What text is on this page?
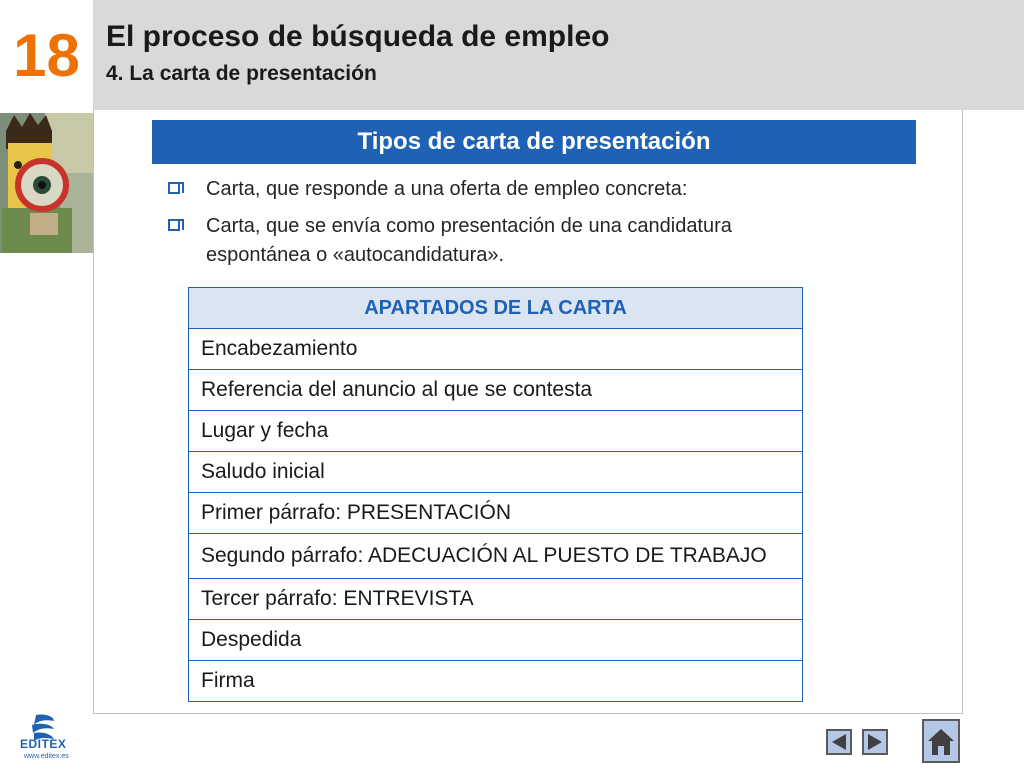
18 El proceso de búsqueda de empleo
4. La carta de presentación
Tipos de carta de presentación
Carta, que responde a una oferta de empleo concreta:
Carta, que se envía como presentación de una candidatura espontánea o «autocandidatura».
APARTADOS DE LA CARTA
Encabezamiento
Referencia del anuncio al que se contesta
Lugar y fecha
Saludo inicial
Primer párrafo: PRESENTACIÓN
Segundo párrafo: ADECUACIÓN AL PUESTO DE TRABAJO
Tercer párrafo: ENTREVISTA
Despedida
Firma
EDITEX
www.editex.es
